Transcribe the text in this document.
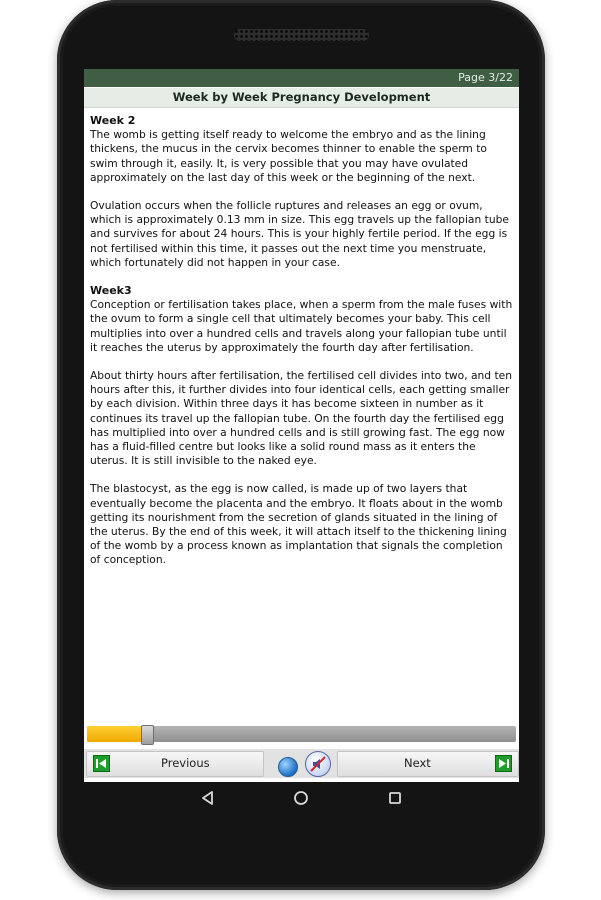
Page 3/22
Week by Week Pregnancy Development
Week 2

The womb is getting itself ready to welcome the embryo and as the lining thickens, the mucus in the cervix becomes thinner to enable the sperm to swim through it, easily. It, is very possible that you may have ovulated approximately on the last day of this week or the beginning of the next.

Ovulation occurs when the follicle ruptures and releases an egg or ovum, which is approximately 0.13 mm in size. This egg travels up the fallopian tube and survives for about 24 hours. This is your highly fertile period. If the egg is not fertilised within this time, it passes out the next time you menstruate, which fortunately did not happen in your case.

Week3

Conception or fertilisation takes place, when a sperm from the male fuses with the ovum to form a single cell that ultimately becomes your baby. This cell multiplies into over a hundred cells and travels along your fallopian tube until it reaches the uterus by approximately the fourth day after fertilisation.

About thirty hours after fertilisation, the fertilised cell divides into two, and ten hours after this, it further divides into four identical cells, each getting smaller by each division. Within three days it has become sixteen in number as it continues its travel up the fallopian tube. On the fourth day the fertilised egg has multiplied into over a hundred cells and is still growing fast. The egg now has a fluid-filled centre but looks like a solid round mass as it enters the uterus. It is still invisible to the naked eye.

The blastocyst, as the egg is now called, is made up of two layers that eventually become the placenta and the embryo. It floats about in the womb getting its nourishment from the secretion of glands situated in the lining of the uterus. By the end of this week, it will attach itself to the thickening lining of the womb by a process known as implantation that signals the completion of conception.

Previous	Next
